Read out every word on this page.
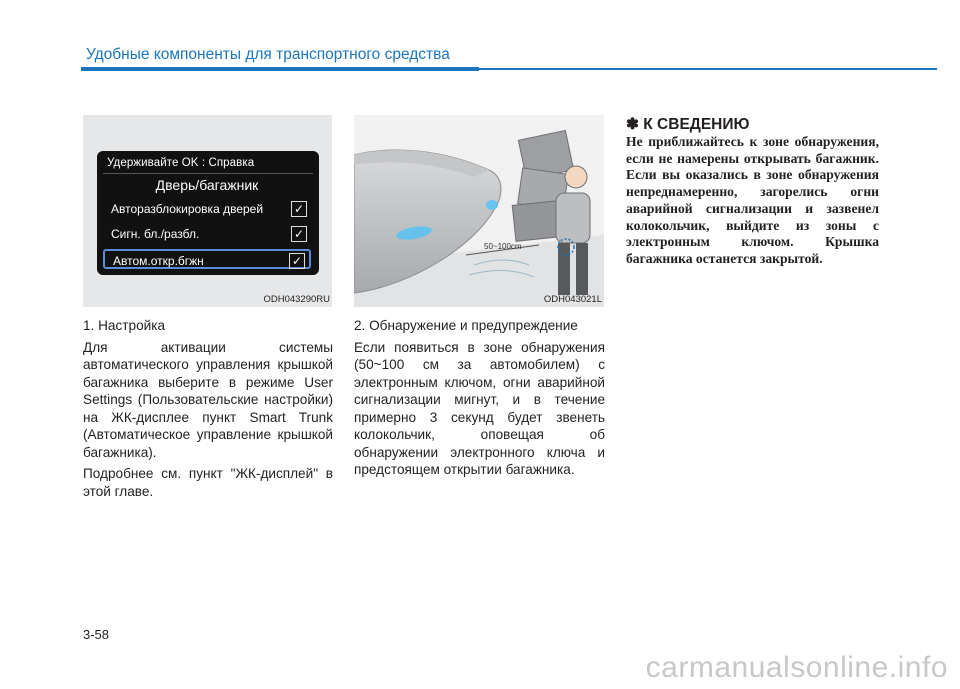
Удобные компоненты для транспортного средства
Удерживайте OK : Справка
Дверь/багажник
Авторазблокировка дверей	✓
Сигн. бл./разбл.	✓
Автом.откр.бгжн	✓
ODH043290RU
50~100cm
ODH043021L

1. Настройка

Для активации системы автоматического управления крышкой багажника выберите в режиме User Settings (Пользовательские настройки) на ЖК-дисплее пункт Smart Trunk (Автоматическое управление крышкой багажника).

Подробнее см. пункт "ЖК-дисплей" в этой главе.

2. Обнаружение и предупреждение

Если появиться в зоне обнаружения (50~100 см за автомобилем) с электронным ключом, огни аварийной сигнализации мигнут, и в течение примерно 3 секунд будет звенеть колокольчик, оповещая об обнаружении электронного ключа и предстоящем открытии багажника.

✽ К СВЕДЕНИЮ
Не приближайтесь к зоне обнаружения, если не намерены открывать багажник. Если вы оказались в зоне обнаружения непреднамеренно, загорелись огни аварийной сигнализации и зазвенел колокольчик, выйдите из зоны с электронным ключом. Крышка багажника останется закрытой.
3-58
carmanualsonline.info
